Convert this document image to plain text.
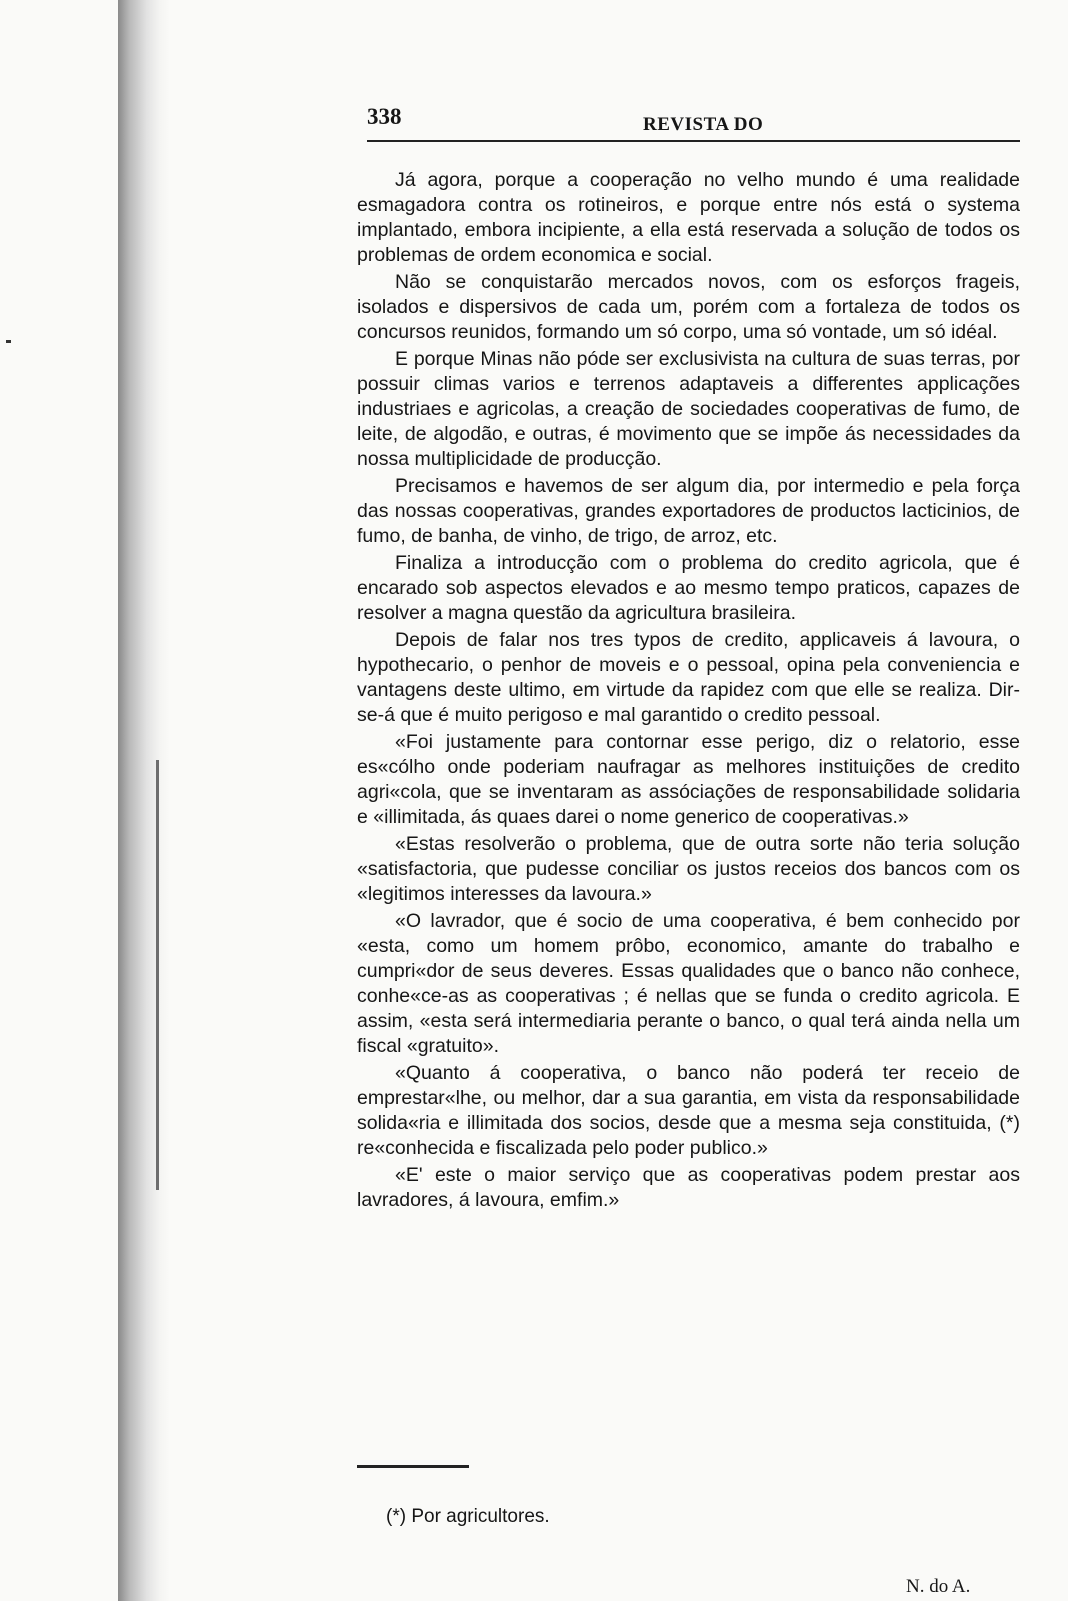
338	REVISTA DO

Já agora, porque a cooperação no velho mundo é uma realidade esmagadora contra os rotineiros, e porque entre nós está o systema implantado, embora incipiente, a ella está reservada a solução de todos os problemas de ordem economica e social.

Não se conquistarão mercados novos, com os esforços frageis, isolados e dispersivos de cada um, porém com a fortaleza de todos os concursos reunidos, formando um só corpo, uma só vontade, um só idéal.

E porque Minas não póde ser exclusivista na cultura de suas terras, por possuir climas varios e terrenos adaptaveis a differentes applicações industriaes e agricolas, a creação de sociedades cooperativas de fumo, de leite, de algodão, e outras, é movimento que se impõe ás necessidades da nossa multiplicidade de producção.

Precisamos e havemos de ser algum dia, por intermedio e pela força das nossas cooperativas, grandes exportadores de productos lacticinios, de fumo, de banha, de vinho, de trigo, de arroz, etc.

Finaliza a introducção com o problema do credito agricola, que é encarado sob aspectos elevados e ao mesmo tempo praticos, capazes de resolver a magna questão da agricultura brasileira.

Depois de falar nos tres typos de credito, applicaveis á lavoura, o hypothecario, o penhor de moveis e o pessoal, opina pela conveniencia e vantagens deste ultimo, em virtude da rapidez com que elle se realiza. Dir-se-á que é muito perigoso e mal garantido o credito pessoal.

«Foi justamente para contornar esse perigo, diz o relatorio, esse es«cólho onde poderiam naufragar as melhores instituições de credito agri«cola, que se inventaram as assóciações de responsabilidade solidaria e «illimitada, ás quaes darei o nome generico de cooperativas.»

«Estas resolverão o problema, que de outra sorte não teria solução «satisfactoria, que pudesse conciliar os justos receios dos bancos com os «legitimos interesses da lavoura.»

«O lavrador, que é socio de uma cooperativa, é bem conhecido por «esta, como um homem prôbo, economico, amante do trabalho e cumpri«dor de seus deveres. Essas qualidades que o banco não conhece, conhe«ce-as as cooperativas ; é nellas que se funda o credito agricola. E assim, «esta será intermediaria perante o banco, o qual terá ainda nella um fiscal «gratuito».

«Quanto á cooperativa, o banco não poderá ter receio de emprestar«lhe, ou melhor, dar a sua garantia, em vista da responsabilidade solida«ria e illimitada dos socios, desde que a mesma seja constituida, (*) re«conhecida e fiscalizada pelo poder publico.»

«E' este o maior serviço que as cooperativas podem prestar aos lavradores, á lavoura, emfim.»

(*) Por agricultores.
N. do A.
